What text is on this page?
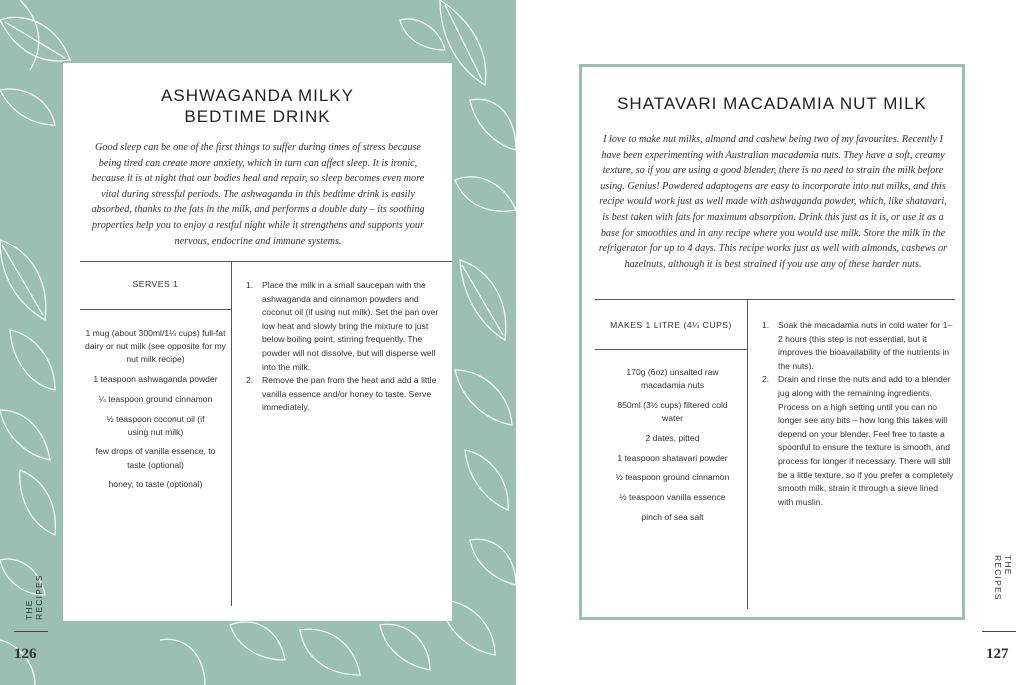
ASHWAGANDA MILKY
BEDTIME DRINK
Good sleep can be one of the first things to suffer during times of stress because being tired can create more anxiety, which in turn can affect sleep. It is ironic, because it is at night that our bodies heal and repair, so sleep becomes even more vital during stressful periods. The ashwaganda in this bedtime drink is easily absorbed, thanks to the fats in the milk, and performs a double duty – its soothing properties help you to enjoy a restful night while it strengthens and supports your nervous, endocrine and immune systems.
SERVES 1
1 mug (about 300ml/1¼ cups) full-fat dairy or nut milk (see opposite for my nut milk recipe)
1 teaspoon ashwaganda powder
¼ teaspoon ground cinnamon
½ teaspoon coconut oil (if using nut milk)
few drops of vanilla essence, to taste (optional)
honey, to taste (optional)
1. Place the milk in a small saucepan with the ashwaganda and cinnamon powders and coconut oil (if using nut milk). Set the pan over low heat and slowly bring the mixture to just below boiling point, stirring frequently. The powder will not dissolve, but will disperse well into the milk.
2. Remove the pan from the heat and add a little vanilla essence and/or honey to taste. Serve immediately.
THE RECIPES
126
THE RECIPES
127
SHATAVARI MACADAMIA NUT MILK
I love to make nut milks, almond and cashew being two of my favourites. Recently I have been experimenting with Australian macadamia nuts. They have a soft, creamy texture, so if you are using a good blender, there is no need to strain the milk before using. Genius! Powdered adaptogens are easy to incorporate into nut milks, and this recipe would work just as well made with ashwaganda powder, which, like shatavari, is best taken with fats for maximum absorption. Drink this just as it is, or use it as a base for smoothies and in any recipe where you would use milk. Store the milk in the refrigerator for up to 4 days. This recipe works just as well with almonds, cashews or hazelnuts, although it is best strained if you use any of these harder nuts.
MAKES 1 LITRE (4¼ CUPS)
170g (6oz) unsalted raw macadamia nuts
850ml (3½ cups) filtered cold water
2 dates, pitted
1 teaspoon shatavari powder
½ teaspoon ground cinnamon
½ teaspoon vanilla essence
pinch of sea salt
1. Soak the macadamia nuts in cold water for 1–2 hours (this step is not essential, but it improves the bioavailability of the nutrients in the nuts).
2. Drain and rinse the nuts and add to a blender jug along with the remaining ingredients. Process on a high setting until you can no longer see any bits – how long this takes will depend on your blender. Feel free to taste a spoonful to ensure the texture is smooth, and process for longer if necessary. There will still be a little texture, so if you prefer a completely smooth milk, strain it through a sieve lined with muslin.
